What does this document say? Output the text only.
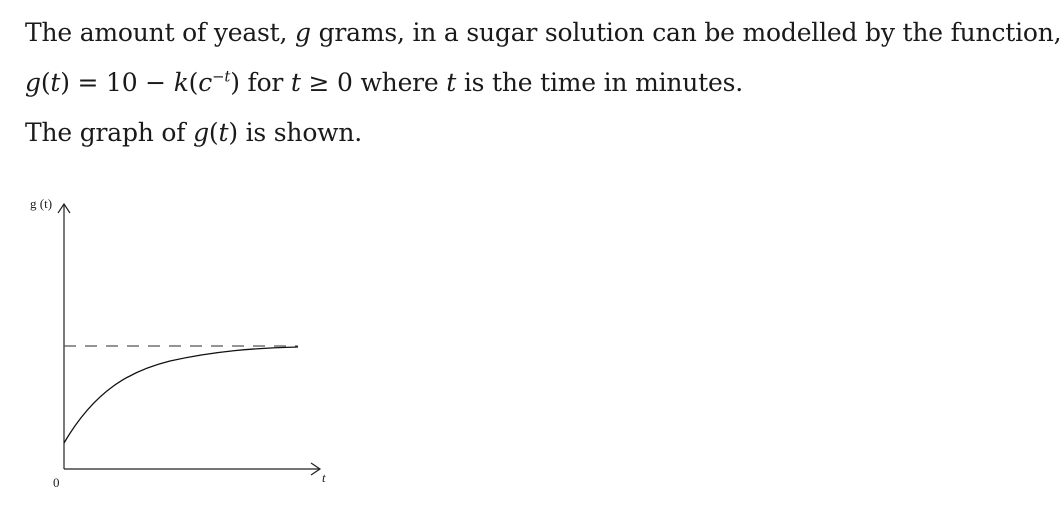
The amount of yeast, g grams, in a sugar solution can be modelled by the function,
$g(t) = 10 - k(c^{-t})$ for t ≥ 0 where t is the time in minutes.
The graph of g(t) is shown.
g (t)
t
0
